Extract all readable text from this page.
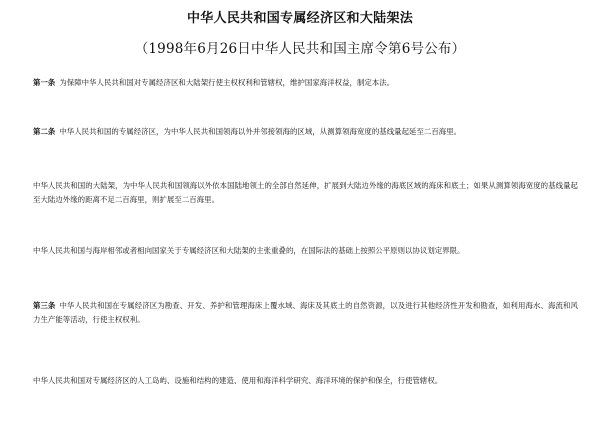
中华人民共和国专属经济区和大陆架法
（1998年6月26日中华人民共和国主席令第6号公布）
第一条 为保障中华人民共和国对专属经济区和大陆架行使主权权利和管辖权，维护国家海洋权益，制定本法。
第二条 中华人民共和国的专属经济区，为中华人民共和国领海以外并邻接领海的区域，从测算领海宽度的基线量起延至二百海里。
中华人民共和国的大陆架，为中华人民共和国领海以外依本国陆地领土的全部自然延伸，扩展到大陆边外缘的海底区域的海床和底土；如果从测算领海宽度的基线量起至大陆边外缘的距离不足二百海里，则扩展至二百海里。
中华人民共和国与海岸相邻或者相向国家关于专属经济区和大陆架的主张重叠的，在国际法的基础上按照公平原则以协议划定界限。
第三条 中华人民共和国在专属经济区为勘查、开发、养护和管理海床上覆水域、海床及其底土的自然资源，以及进行其他经济性开发和勘查，如利用海水、海流和风力生产能等活动，行使主权权利。
中华人民共和国对专属经济区的人工岛屿、设施和结构的建造、使用和海洋科学研究、海洋环境的保护和保全，行使管辖权。
